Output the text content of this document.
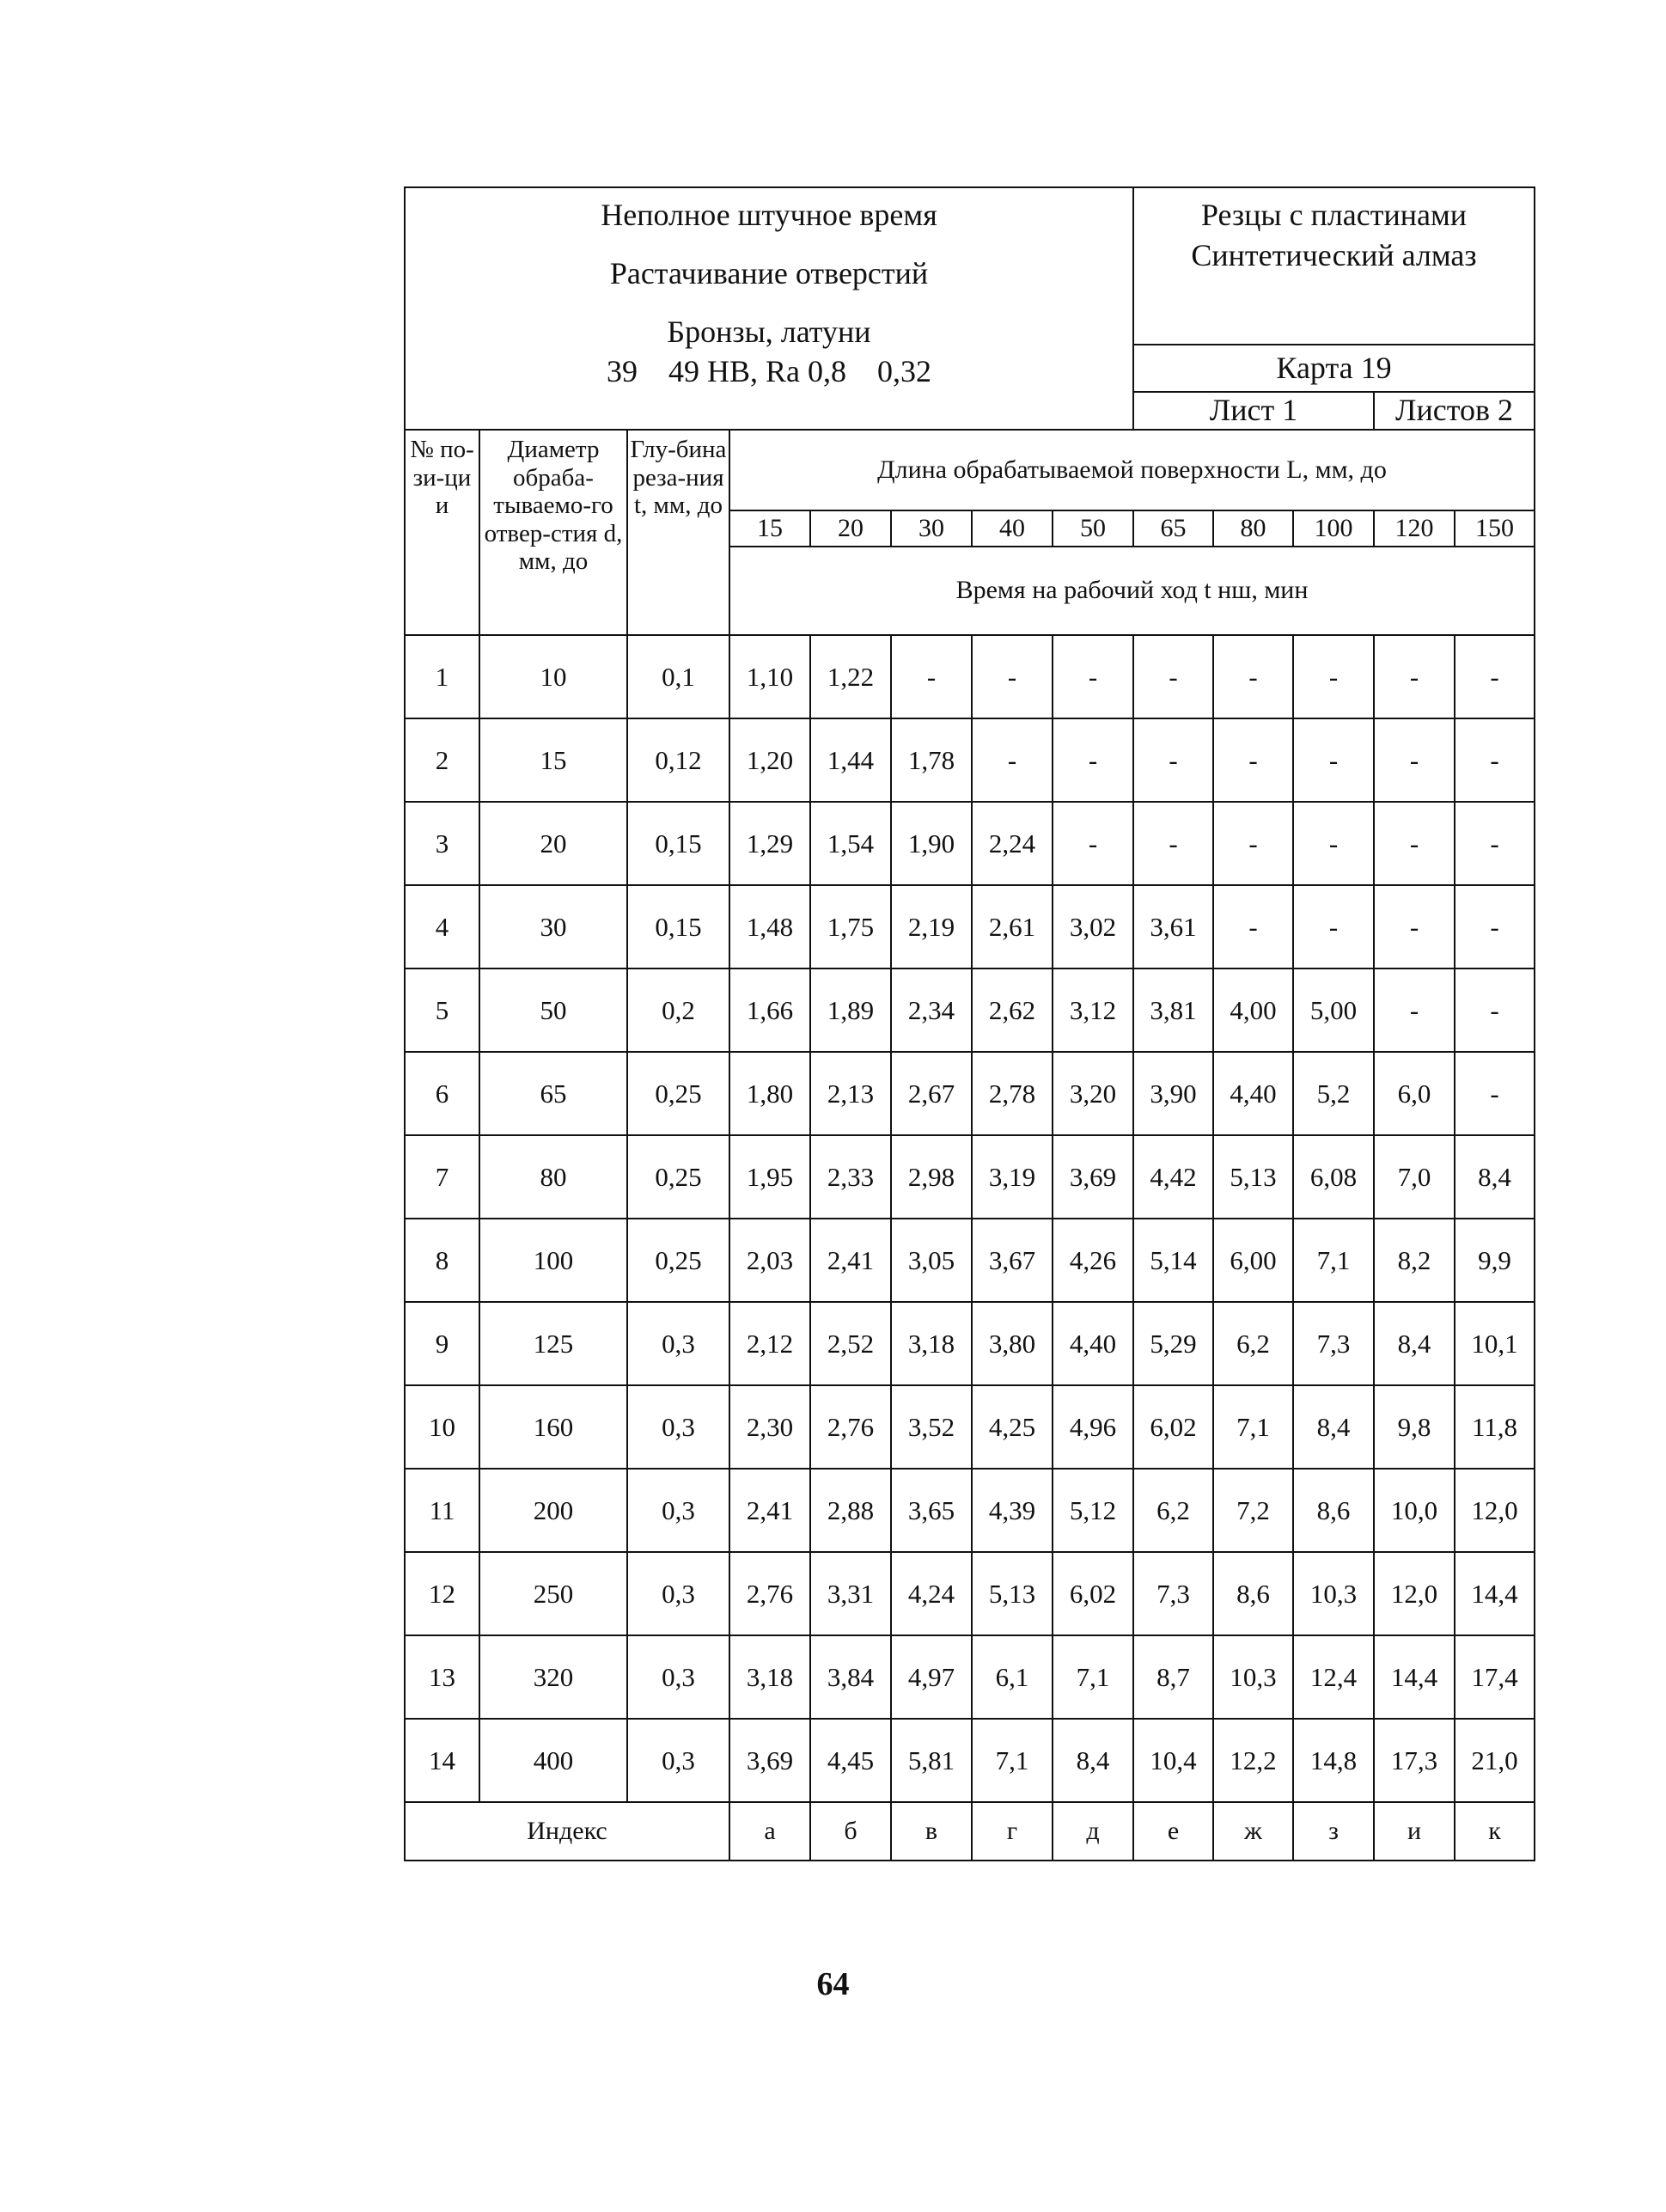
Неполное штучное время
Растачивание отверстий
Бронзы, латуни
39    49 НВ, Ra 0,8    0,32								Резцы с пластинами
Синтетический алмаз				

								Карта 19				
								Лист 1			Листов 2	
№ по-зи-ци и	Диаметр обраба-тываемо-го отвер-стия d, мм, до	Глу-бина реза-ния t, мм, до	Длина обрабатываемой поверхности L, мм, до									
			15	20	30	40	50	65	80	100	120	150
			Время на рабочий ход t нш, мин									
1	10	0,1	1,10	1,22	-	-	-	-	-	-	-	-
2	15	0,12	1,20	1,44	1,78	-	-	-	-	-	-	-
3	20	0,15	1,29	1,54	1,90	2,24	-	-	-	-	-	-
4	30	0,15	1,48	1,75	2,19	2,61	3,02	3,61	-	-	-	-
5	50	0,2	1,66	1,89	2,34	2,62	3,12	3,81	4,00	5,00	-	-
6	65	0,25	1,80	2,13	2,67	2,78	3,20	3,90	4,40	5,2	6,0	-
7	80	0,25	1,95	2,33	2,98	3,19	3,69	4,42	5,13	6,08	7,0	8,4
8	100	0,25	2,03	2,41	3,05	3,67	4,26	5,14	6,00	7,1	8,2	9,9
9	125	0,3	2,12	2,52	3,18	3,80	4,40	5,29	6,2	7,3	8,4	10,1
10	160	0,3	2,30	2,76	3,52	4,25	4,96	6,02	7,1	8,4	9,8	11,8
11	200	0,3	2,41	2,88	3,65	4,39	5,12	6,2	7,2	8,6	10,0	12,0
12	250	0,3	2,76	3,31	4,24	5,13	6,02	7,3	8,6	10,3	12,0	14,4
13	320	0,3	3,18	3,84	4,97	6,1	7,1	8,7	10,3	12,4	14,4	17,4
14	400	0,3	3,69	4,45	5,81	7,1	8,4	10,4	12,2	14,8	17,3	21,0
Индекс			а	б	в	г	д	е	ж	з	и	к
64
